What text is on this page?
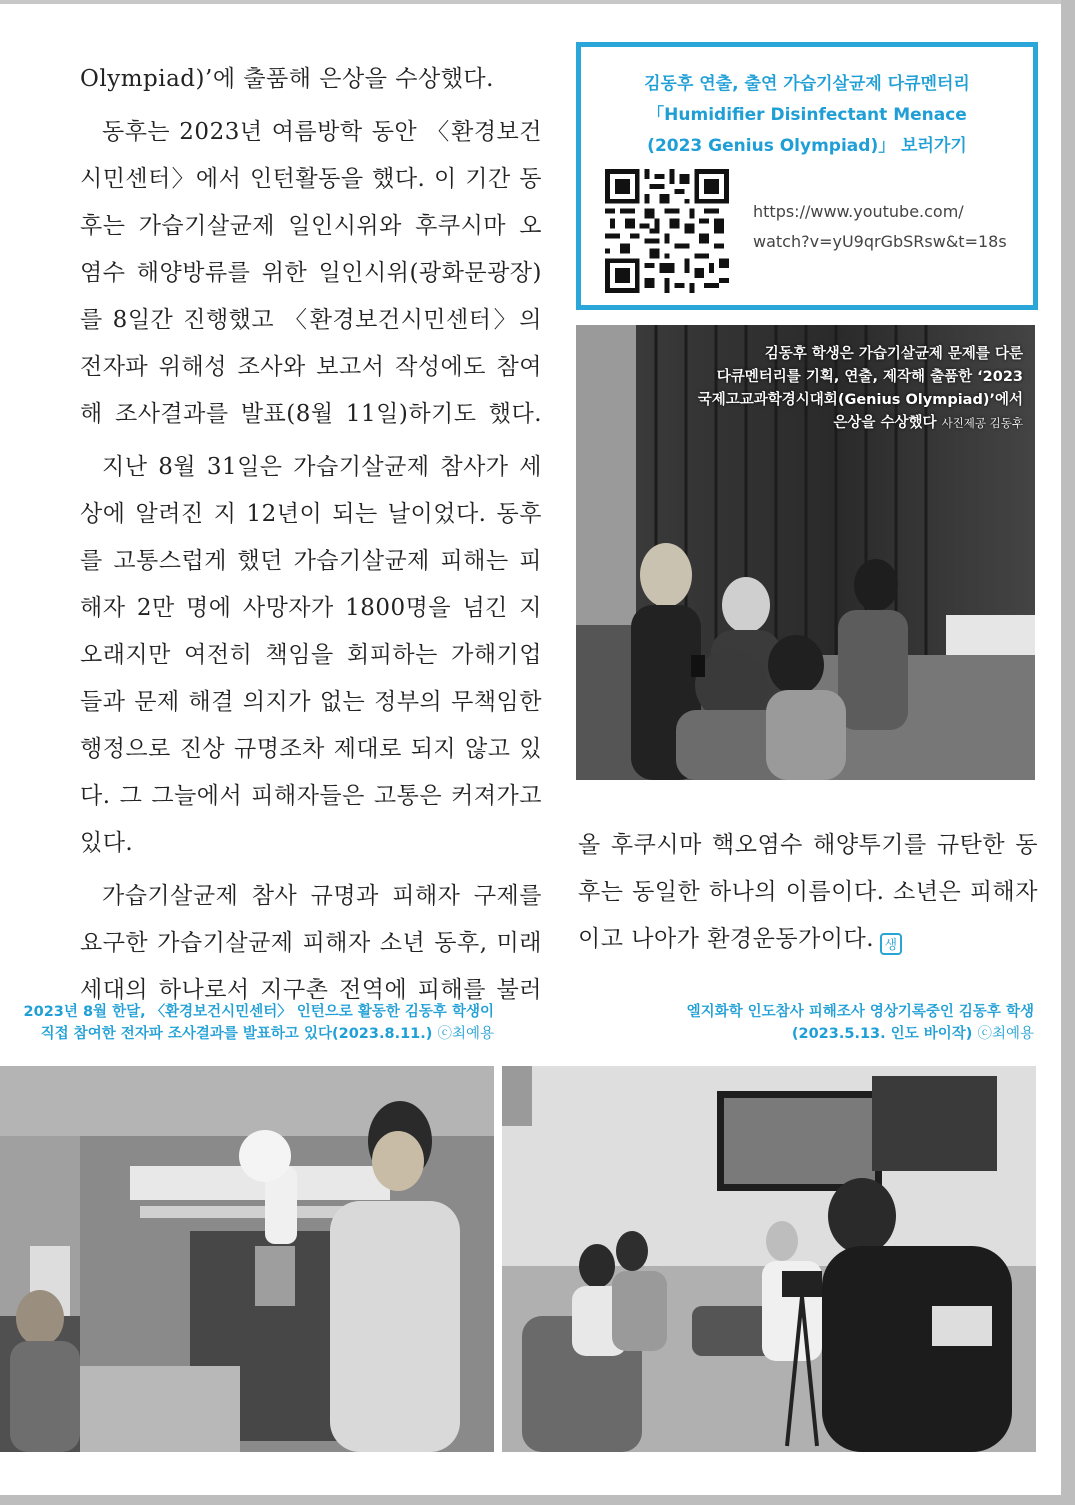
Olympiad)’에 출품해 은상을 수상했다.

동후는 2023년 여름방학 동안 〈환경보건시민센터〉에서 인턴활동을 했다. 이 기간 동후는 가습기살균제 일인시위와 후쿠시마 오염수 해양방류를 위한 일인시위(광화문광장)를 8일간 진행했고 〈환경보건시민센터〉의 전자파 위해성 조사와 보고서 작성에도 참여해 조사결과를 발표(8월 11일)하기도 했다.

지난 8월 31일은 가습기살균제 참사가 세상에 알려진 지 12년이 되는 날이었다. 동후를 고통스럽게 했던 가습기살균제 피해는 피해자 2만 명에 사망자가 1800명을 넘긴 지 오래지만 여전히 책임을 회피하는 가해기업들과 문제 해결 의지가 없는 정부의 무책임한 행정으로 진상 규명조차 제대로 되지 않고 있다. 그 그늘에서 피해자들은 고통은 커져가고 있다.

가습기살균제 참사 규명과 피해자 구제를 요구한 가습기살균제 피해자 소년 동후, 미래 세대의 하나로서 지구촌 전역에 피해를 불러

김동후 연출, 출연 가습기살균제 다큐멘터리
「Humidifier Disinfectant Menace
(2023 Genius Olympiad)」 보러가기
https://www.youtube.com/
watch?v=yU9qrGbSRsw&t=18s
김동후 학생은 가습기살균제 문제를 다룬
다큐멘터리를 기획, 연출, 제작해 출품한 ‘2023
국제고교과학경시대회(Genius Olympiad)’에서
은상을 수상했다 사진제공 김동후

올 후쿠시마 핵오염수 해양투기를 규탄한 동후는 동일한 하나의 이름이다. 소년은 피해자이고 나아가 환경운동가이다. 생

2023년 8월 한달, 〈환경보건시민센터〉 인턴으로 활동한 김동후 학생이
직접 참여한 전자파 조사결과를 발표하고 있다(2023.8.11.) ⓒ최예용
엘지화학 인도참사 피해조사 영상기록중인 김동후 학생
(2023.5.13. 인도 바이작) ⓒ최예용
